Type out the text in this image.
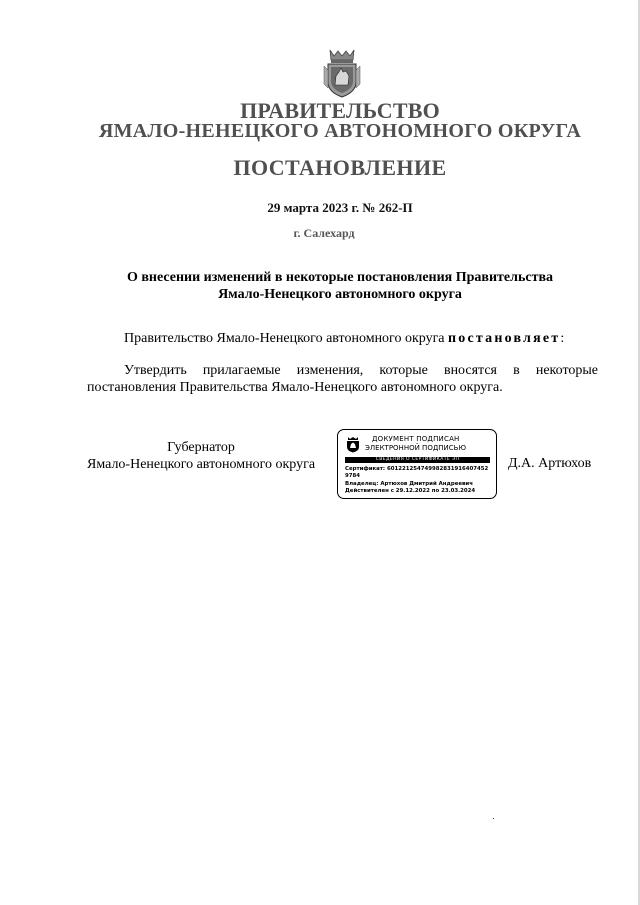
ПРАВИТЕЛЬСТВО
ЯМАЛО-НЕНЕЦКОГО АВТОНОМНОГО ОКРУГА
ПОСТАНОВЛЕНИЕ
29 марта 2023 г. № 262-П
г. Салехард
О внесении изменений в некоторые постановления Правительства
Ямало-Ненецкого автономного округа
Правительство Ямало-Ненецкого автономного округа постановляет:
Утвердить прилагаемые изменения, которые вносятся в некоторые постановления Правительства Ямало-Ненецкого автономного округа.
Губернатор
Ямало-Ненецкого автономного округа
ДОКУМЕНТ ПОДПИСАН
ЭЛЕКТРОННОЙ ПОДПИСЬЮ
СВЕДЕНИЯ О СЕРТИФИКАТЕ ЭП
Сертификат: 601221254749982831916407452
9784
Владелец: Артюхов Дмитрий Андреевич
Действителен с 29.12.2022 по 23.03.2024
Д.А. Артюхов
